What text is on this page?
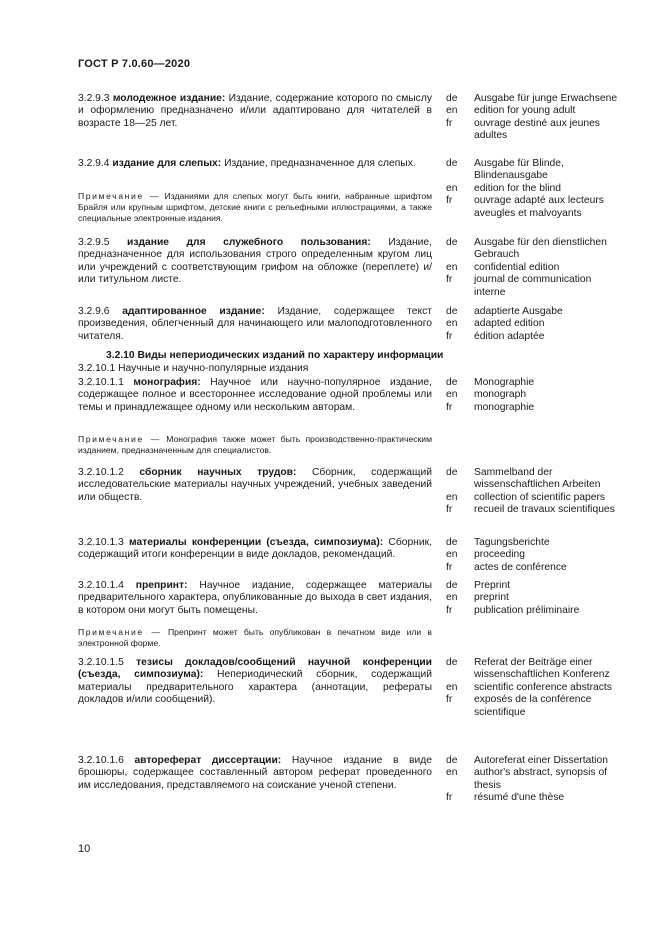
ГОСТ Р 7.0.60—2020
3.2.9.3 молодежное издание: Издание, содержание которого по смыслу и оформлению предназначено и/или адаптировано для читателей в возрасте 18—25 лет.
de	Ausgabe für junge Erwachsene
en	edition for young adult
fr	ouvrage destiné aux jeunes adultes
3.2.9.4 издание для слепых: Издание, предназначенное для слепых.
Примечание — Изданиями для слепых могут быть книги, набранные шрифтом Брайля или крупным шрифтом, детские книги с рельефными иллюстрациями, а также специальные электронные издания.
de	Ausgabe für Blinde, Blindenausgabe
en	edition for the blind
fr	ouvrage adapté aux lecteurs aveugles et malvoyants
3.2.9.5 издание для служебного пользования: Издание, предназначенное для использования строго определенным кругом лиц или учреждений с соответствующим грифом на обложке (переплете) и/или титульном листе.
de	Ausgabe für den dienstlichen Gebrauch
en	confidential edition
fr	journal de communication interne
3.2.9.6 адаптированное издание: Издание, содержащее текст произведения, облегченный для начинающего или малоподготовленного читателя.
de	adaptierte Ausgabe
en	adapted edition
fr	édition adaptée
3.2.10 Виды непериодических изданий по характеру информации
3.2.10.1 Научные и научно-популярные издания
3.2.10.1.1 монография: Научное или научно-популярное издание, содержащее полное и всестороннее исследование одной проблемы или темы и принадлежащее одному или нескольким авторам.
Примечание — Монография также может быть производственно-практическим изданием, предназначенным для специалистов.
de	Monographie
en	monograph
fr	monographie
3.2.10.1.2 сборник научных трудов: Сборник, содержащий исследовательские материалы научных учреждений, учебных заведений или обществ.
de	Sammelband der wissenschaftlichen Arbeiten
en	collection of scientific papers
fr	recueil de travaux scientifiques
3.2.10.1.3 материалы конференции (съезда, симпозиума): Сборник, содержащий итоги конференции в виде докладов, рекомендаций.
de	Tagungsberichte
en	proceeding
fr	actes de conférence
3.2.10.1.4 препринт: Научное издание, содержащее материалы предварительного характера, опубликованные до выхода в свет издания, в котором они могут быть помещены.
Примечание — Препринт может быть опубликован в печатном виде или в электронной форме.
de	Preprint
en	preprint
fr	publication préliminaire
3.2.10.1.5 тезисы докладов/сообщений научной конференции (съезда, симпозиума): Непериодический сборник, содержащий материалы предварительного характера (аннотации, рефераты докладов и/или сообщений).
de	Referat der Beiträge einer wissenschaftlichen Konferenz
en	scientific conference abstracts
fr	exposés de la conférence scientifique
3.2.10.1.6 автореферат диссертации: Научное издание в виде брошюры, содержащее составленный автором реферат проведенного им исследования, представляемого на соискание ученой степени.
de	Autoreferat einer Dissertation
en	author's abstract, synopsis of thesis
fr	résumé d'une thèse
10
